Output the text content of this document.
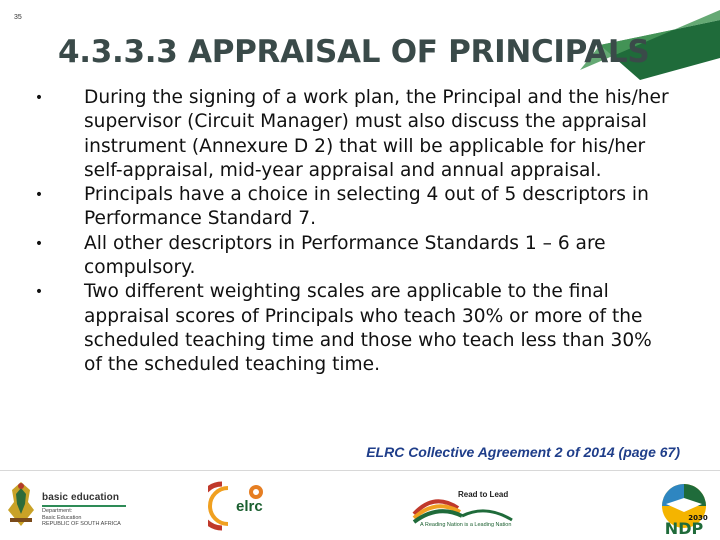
35
4.3.3.3 APPRAISAL OF PRINCIPALS
• During the signing of a work plan, the Principal and the his/her supervisor (Circuit Manager) must also discuss the appraisal instrument (Annexure D 2) that will be applicable for his/her self-appraisal, mid-year appraisal and annual appraisal.
• Principals have a choice in selecting 4 out of 5 descriptors in Performance Standard 7.
• All other descriptors in Performance Standards 1 – 6 are compulsory.
• Two different weighting scales are applicable to the final appraisal scores of Principals who teach 30% or more of the scheduled teaching time and those who teach less than 30% of the scheduled teaching time.
ELRC Collective Agreement 2 of 2014 (page 67)
basic education
Department:
Basic Education
REPUBLIC OF SOUTH AFRICA
elrc
Read to Lead
A Reading Nation is a Leading Nation	NDP
2030
